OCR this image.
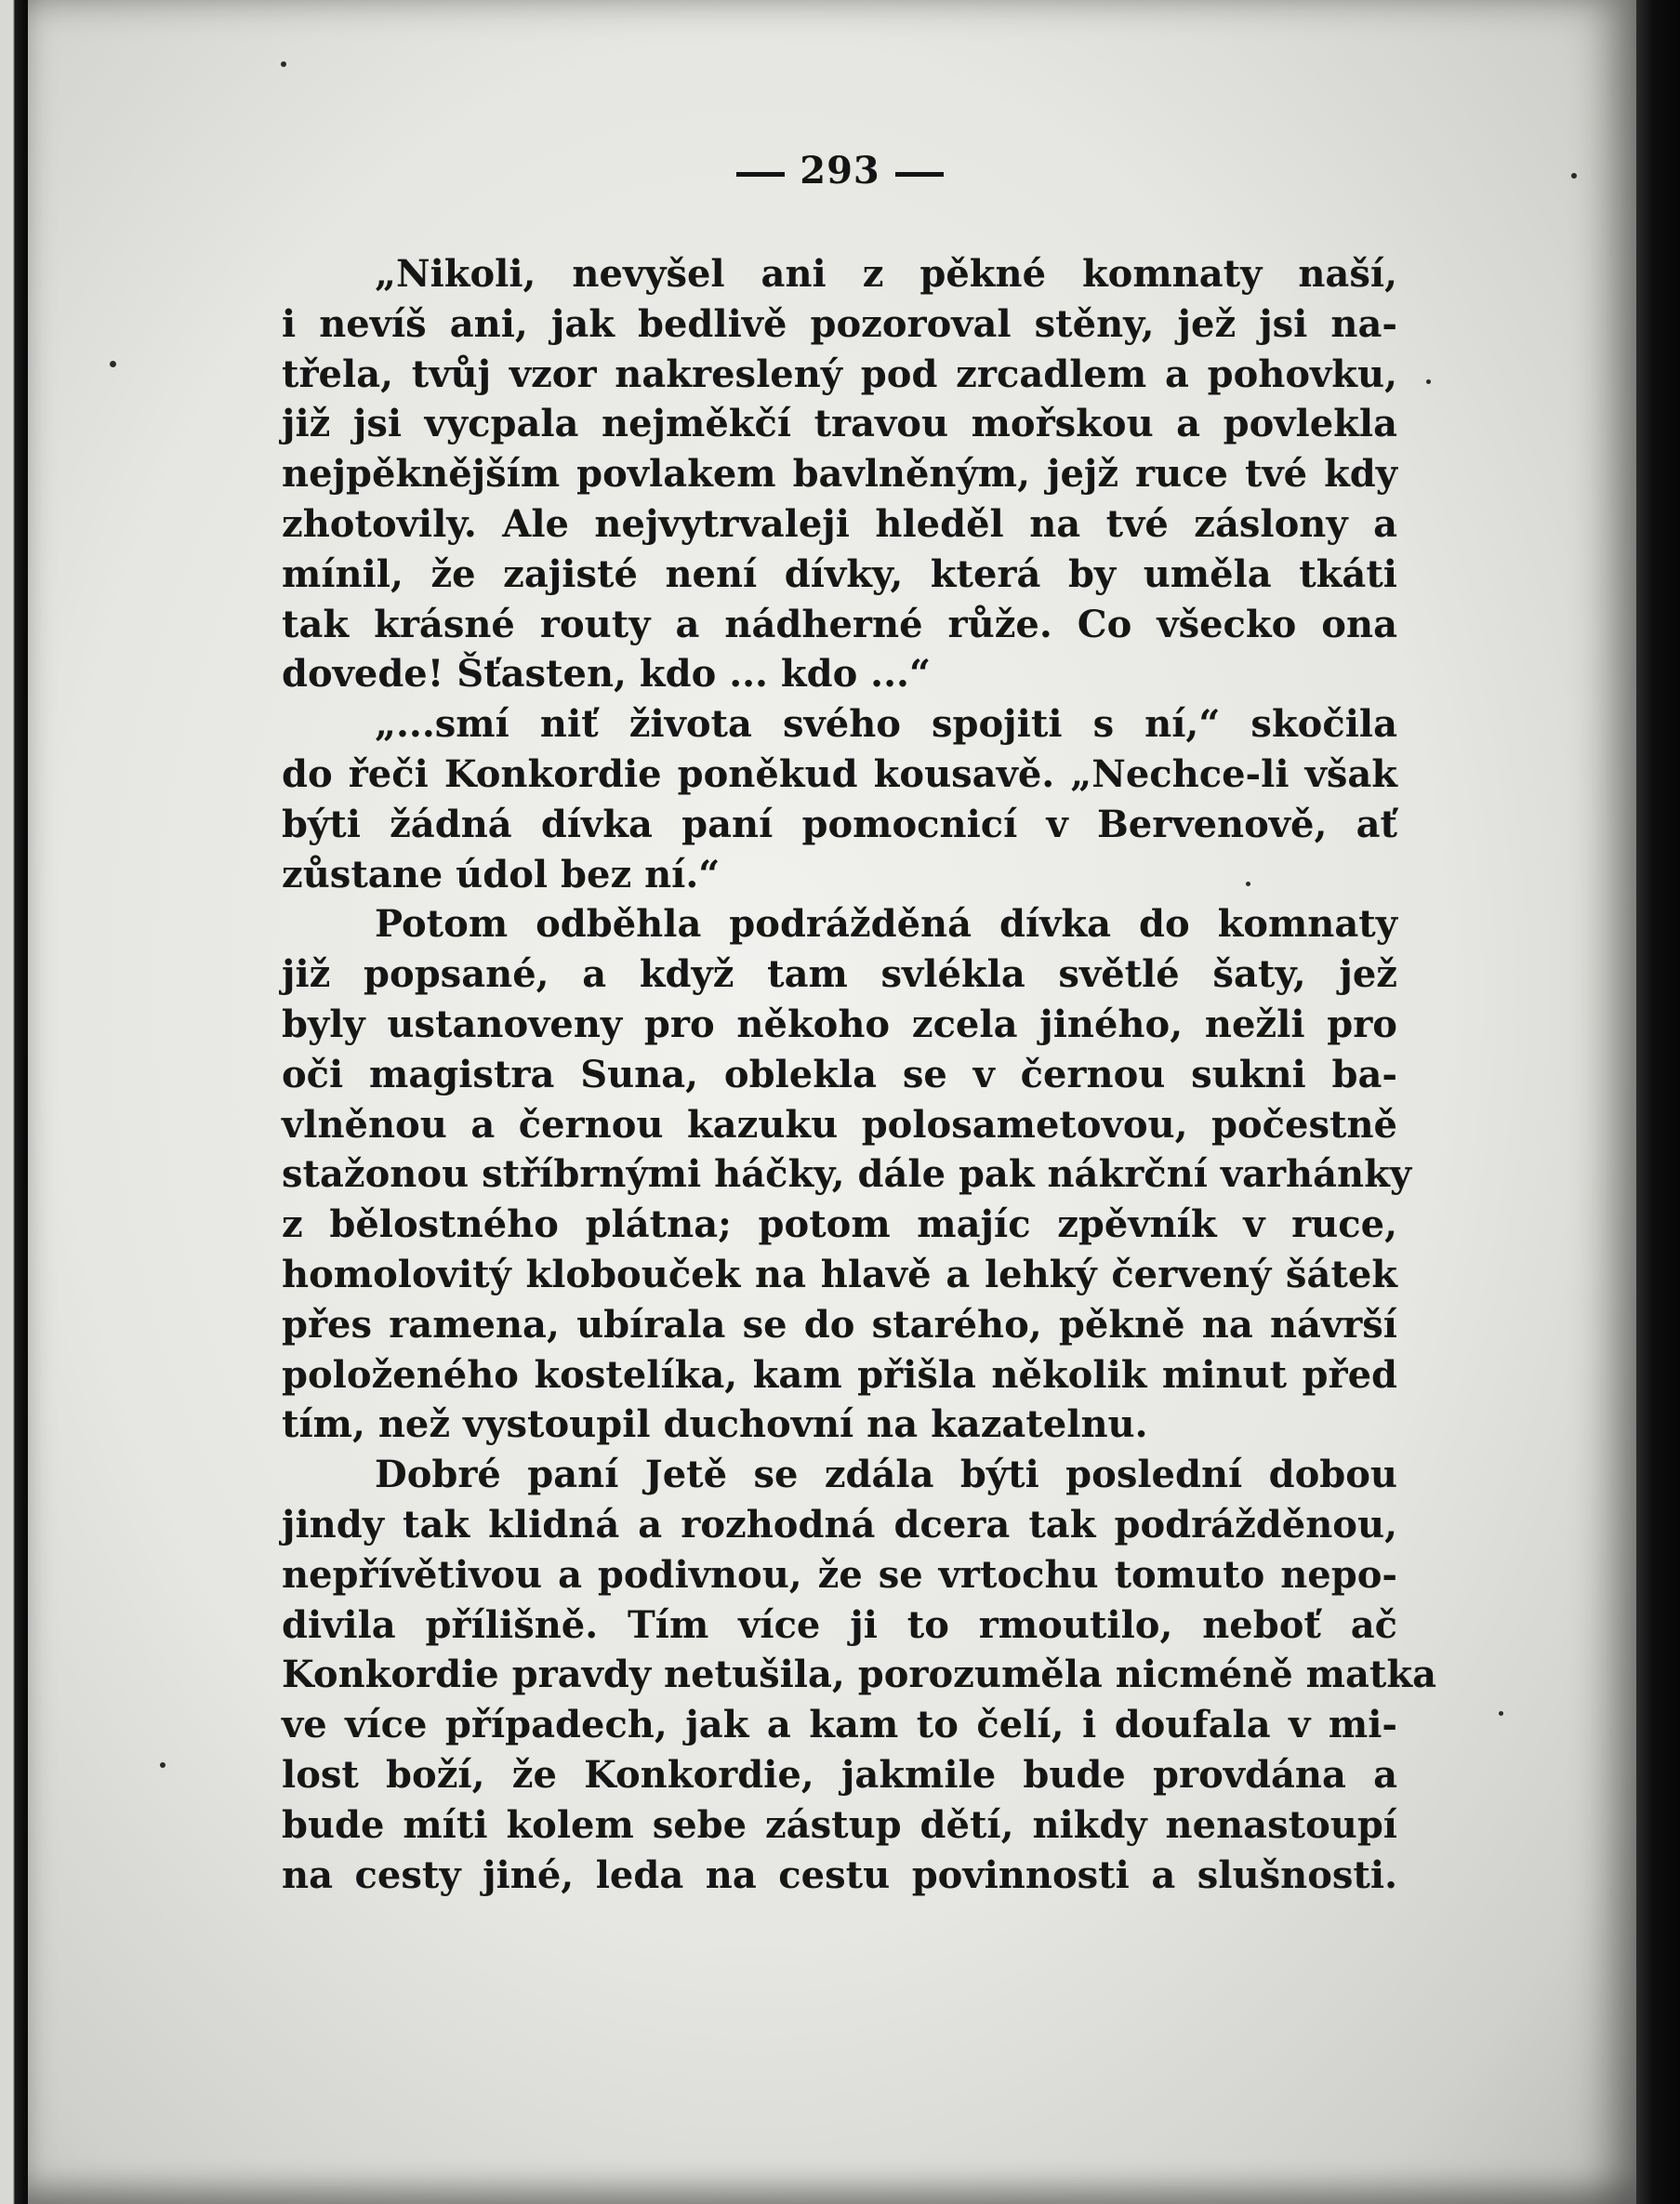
293
„Nikoli, nevyšel ani z pěkné komnaty naší,
i nevíš ani, jak bedlivě pozoroval stěny, jež jsi na-
třela, tvůj vzor nakreslený pod zrcadlem a pohovku,
již jsi vycpala nejměkčí travou mořskou a povlekla
nejpěknějším povlakem bavlněným, jejž ruce tvé kdy
zhotovily. Ale nejvytrvaleji hleděl na tvé záslony a
mínil, že zajisté není dívky, která by uměla tkáti
tak krásné routy a nádherné růže. Co všecko ona
dovede! Šťasten, kdo ... kdo ...“
„...smí niť života svého spojiti s ní,“ skočila
do řeči Konkordie poněkud kousavě. „Nechce-li však
býti žádná dívka paní pomocnicí v Bervenově, ať
zůstane údol bez ní.“
Potom odběhla podrážděná dívka do komnaty
již popsané, a když tam svlékla světlé šaty, jež
byly ustanoveny pro někoho zcela jiného, nežli pro
oči magistra Suna, oblekla se v černou sukni ba-
vlněnou a černou kazuku polosametovou, počestně
stažonou stříbrnými háčky, dále pak nákrční varhánky
z bělostného plátna; potom majíc zpěvník v ruce,
homolovitý klobouček na hlavě a lehký červený šátek
přes ramena, ubírala se do starého, pěkně na návrší
položeného kostelíka, kam přišla několik minut před
tím, než vystoupil duchovní na kazatelnu.
Dobré paní Jetě se zdála býti poslední dobou
jindy tak klidná a rozhodná dcera tak podrážděnou,
nepřívětivou a podivnou, že se vrtochu tomuto nepo-
divila přílišně. Tím více ji to rmoutilo, neboť ač
Konkordie pravdy netušila, porozuměla nicméně matka
ve více případech, jak a kam to čelí, i doufala v mi-
lost boží, že Konkordie, jakmile bude provdána a
bude míti kolem sebe zástup dětí, nikdy nenastoupí
na cesty jiné, leda na cestu povinnosti a slušnosti.
